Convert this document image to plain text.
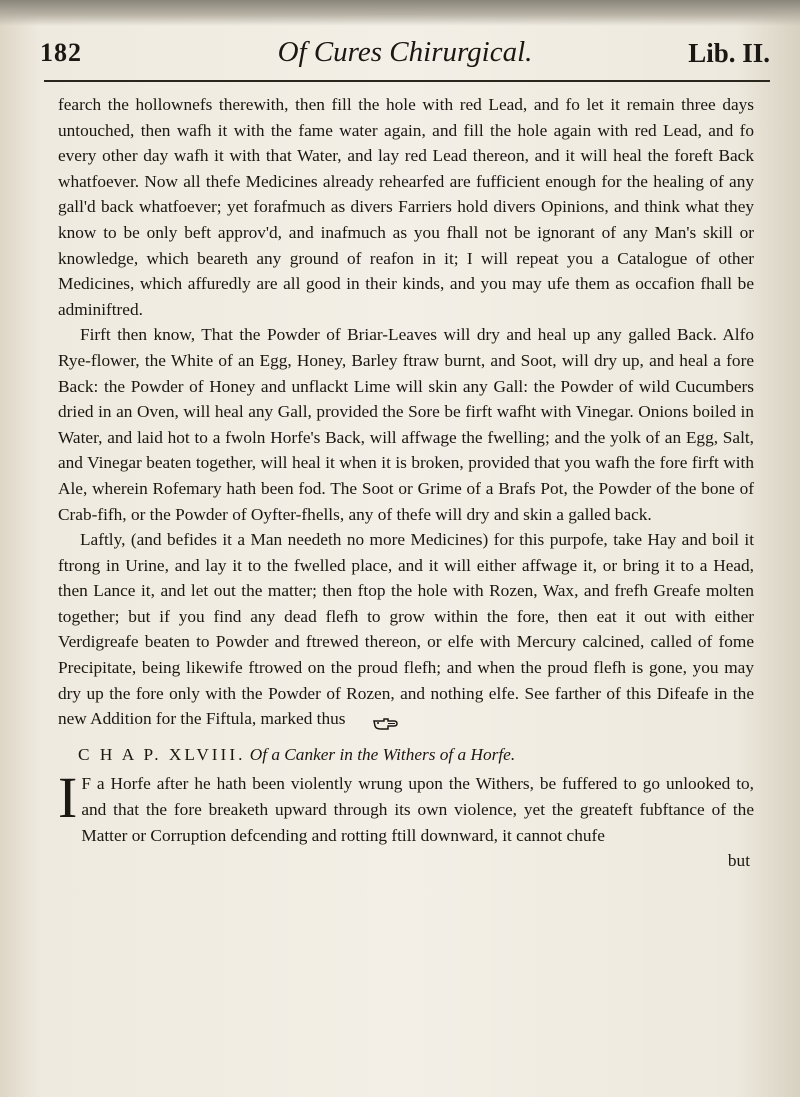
182	Of Cures Chirurgical.	Lib. II.

fearch the hollownefs therewith, then fill the hole with red Lead, and fo let it remain three days untouched, then wafh it with the fame water again, and fill the hole again with red Lead, and fo every other day wafh it with that Water, and lay red Lead thereon, and it will heal the foreft Back whatfoever. Now all thefe Medicines already rehearfed are fufficient enough for the healing of any gall'd back whatfoever; yet forafmuch as divers Farriers hold divers Opinions, and think what they know to be only beft approv'd, and inafmuch as you fhall not be ignorant of any Man's skill or knowledge, which beareth any ground of reafon in it; I will repeat you a Catalogue of other Medicines, which affuredly are all good in their kinds, and you may ufe them as occafion fhall be adminiftred.

Firft then know, That the Powder of Briar-Leaves will dry and heal up any galled Back. Alfo Rye-flower, the White of an Egg, Honey, Barley ftraw burnt, and Soot, will dry up, and heal a fore Back: the Powder of Honey and unflackt Lime will skin any Gall: the Powder of wild Cucumbers dried in an Oven, will heal any Gall, provided the Sore be firft wafht with Vinegar. Onions boiled in Water, and laid hot to a fwoln Horfe's Back, will affwage the fwelling; and the yolk of an Egg, Salt, and Vinegar beaten together, will heal it when it is broken, provided that you wafh the fore firft with Ale, wherein Rofemary hath been fod. The Soot or Grime of a Brafs Pot, the Powder of the bone of Crab-fifh, or the Powder of Oyfter-fhells, any of thefe will dry and skin a galled back.

Laftly, (and befides it a Man needeth no more Medicines) for this purpofe, take Hay and boil it ftrong in Urine, and lay it to the fwelled place, and it will either affwage it, or bring it to a Head, then Lance it, and let out the matter; then ftop the hole with Rozen, Wax, and frefh Greafe molten together; but if you find any dead flefh to grow within the fore, then eat it out with either Verdigreafe beaten to Powder and ftrewed thereon, or elfe with Mercury calcined, called of fome Precipitate, being likewife ftrowed on the proud flefh; and when the proud flefh is gone, you may dry up the fore only with the Powder of Rozen, and nothing elfe. See farther of this Difeafe in the new Addition for the Fiftula, marked thus .

C H A P. XLVIII. Of a Canker in the Withers of a Horfe.

I F a Horfe after he hath been violently wrung upon the Withers, be fuffered to go unlooked to, and that the fore breaketh upward through its own violence, yet the greateft fubftance of the Matter or Corruption defcending and rotting ftill downward, it cannot chufe

but
